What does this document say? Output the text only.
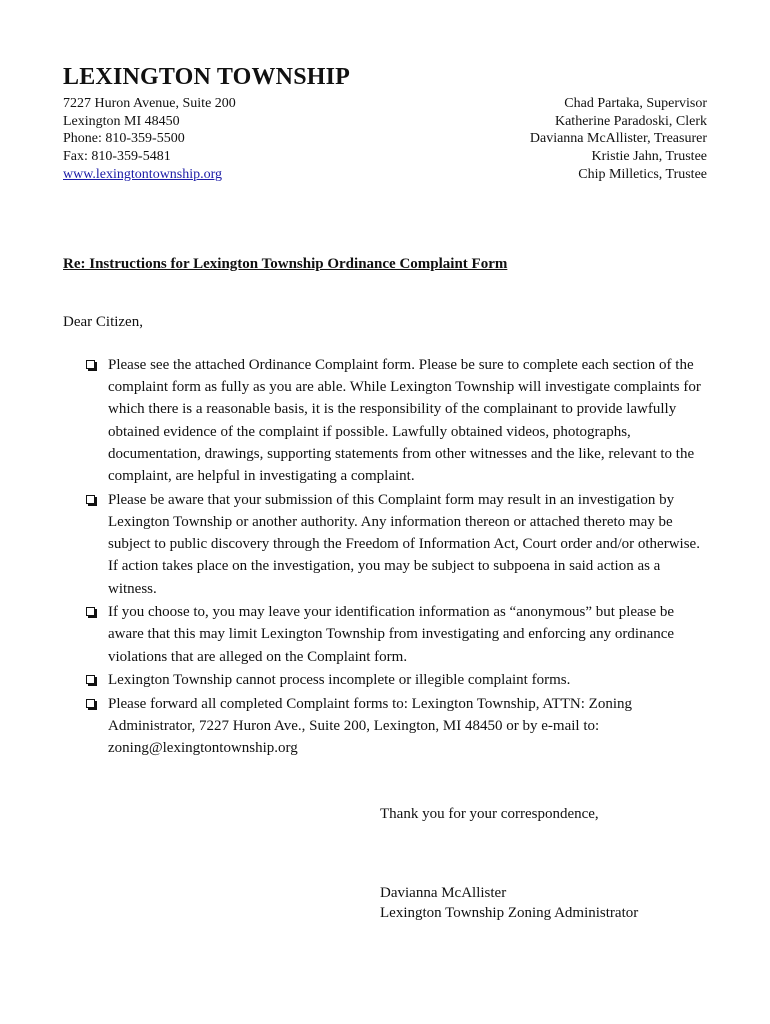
LEXINGTON TOWNSHIP
7227 Huron Avenue, Suite 200
Lexington MI 48450
Phone: 810-359-5500
Fax: 810-359-5481
www.lexingtontownship.org
Chad Partaka, Supervisor
Katherine Paradoski, Clerk
Davianna McAllister, Treasurer
Kristie Jahn, Trustee
Chip Milletics, Trustee
Re: Instructions for Lexington Township Ordinance Complaint Form
Dear Citizen,
Please see the attached Ordinance Complaint form. Please be sure to complete each section of the complaint form as fully as you are able. While Lexington Township will investigate complaints for which there is a reasonable basis, it is the responsibility of the complainant to provide lawfully obtained evidence of the complaint if possible. Lawfully obtained videos, photographs, documentation, drawings, supporting statements from other witnesses and the like, relevant to the complaint, are helpful in investigating a complaint.
Please be aware that your submission of this Complaint form may result in an investigation by Lexington Township or another authority. Any information thereon or attached thereto may be subject to public discovery through the Freedom of Information Act, Court order and/or otherwise. If action takes place on the investigation, you may be subject to subpoena in said action as a witness.
If you choose to, you may leave your identification information as “anonymous” but please be aware that this may limit Lexington Township from investigating and enforcing any ordinance violations that are alleged on the Complaint form.
Lexington Township cannot process incomplete or illegible complaint forms.
Please forward all completed Complaint forms to: Lexington Township, ATTN: Zoning Administrator, 7227 Huron Ave., Suite 200, Lexington, MI 48450 or by e-mail to: zoning@lexingtontownship.org
Thank you for your correspondence,
Davianna McAllister
Lexington Township Zoning Administrator
